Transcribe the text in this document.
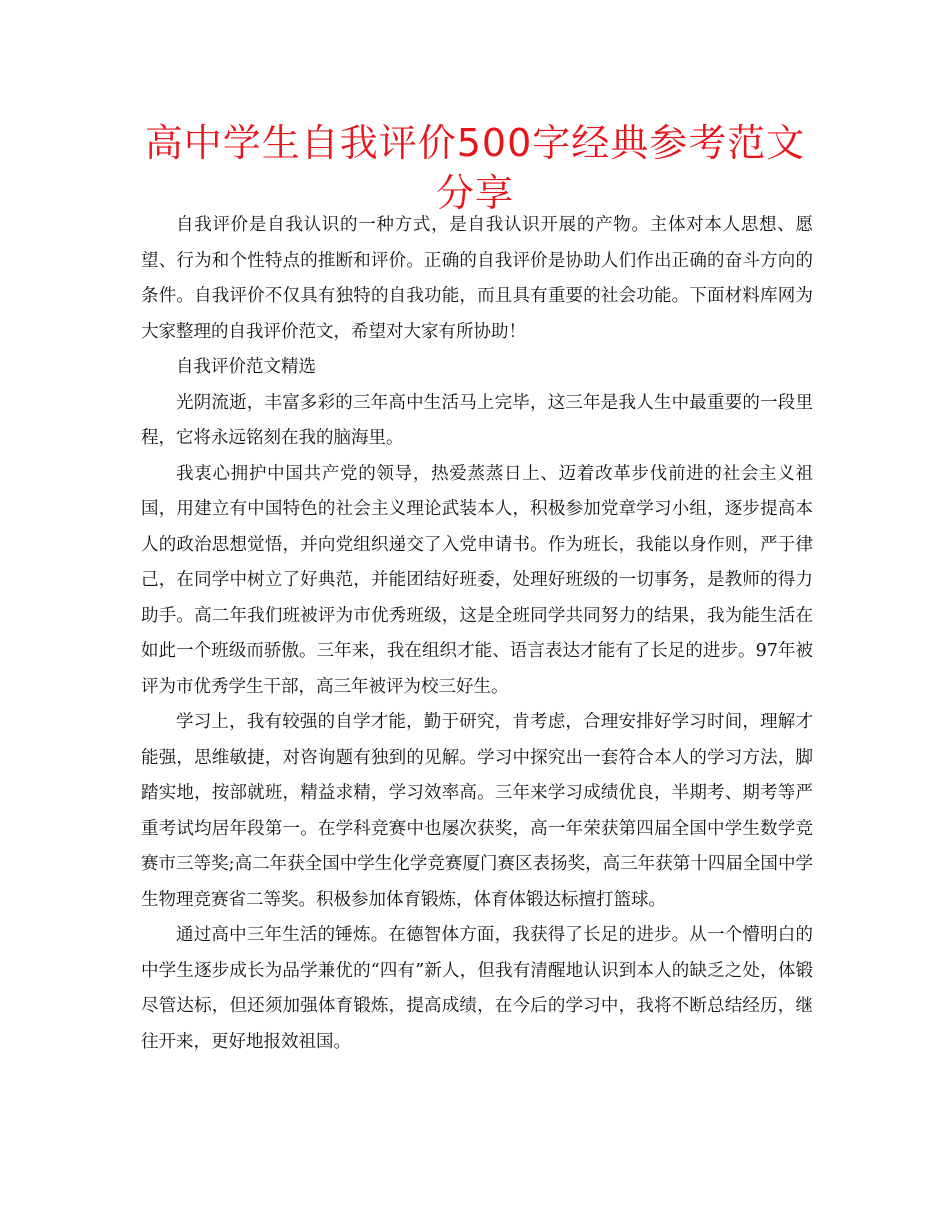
高中学生自我评价500字经典参考范文分享

自我评价是自我认识的一种方式，是自我认识开展的产物。主体对本人思想、愿望、行为和个性特点的推断和评价。正确的自我评价是协助人们作出正确的奋斗方向的条件。自我评价不仅具有独特的自我功能，而且具有重要的社会功能。下面材料库网为大家整理的自我评价范文，希望对大家有所协助！

自我评价范文精选

光阴流逝，丰富多彩的三年高中生活马上完毕，这三年是我人生中最重要的一段里程，它将永远铭刻在我的脑海里。

我衷心拥护中国共产党的领导，热爱蒸蒸日上、迈着改革步伐前进的社会主义祖国，用建立有中国特色的社会主义理论武装本人，积极参加党章学习小组，逐步提高本人的政治思想觉悟，并向党组织递交了入党申请书。作为班长，我能以身作则，严于律己，在同学中树立了好典范，并能团结好班委，处理好班级的一切事务，是教师的得力助手。高二年我们班被评为市优秀班级，这是全班同学共同努力的结果，我为能生活在如此一个班级而骄傲。三年来，我在组织才能、语言表达才能有了长足的进步。97年被评为市优秀学生干部，高三年被评为校三好生。

学习上，我有较强的自学才能，勤于研究，肯考虑，合理安排好学习时间，理解才能强，思维敏捷，对咨询题有独到的见解。学习中探究出一套符合本人的学习方法，脚踏实地，按部就班，精益求精，学习效率高。三年来学习成绩优良，半期考、期考等严重考试均居年段第一。在学科竞赛中也屡次获奖，高一年荣获第四届全国中学生数学竞赛市三等奖;高二年获全国中学生化学竞赛厦门赛区表扬奖，高三年获第十四届全国中学生物理竞赛省二等奖。积极参加体育锻炼，体育体锻达标擅打篮球。

通过高中三年生活的锤炼。在德智体方面，我获得了长足的进步。从一个懵明白的中学生逐步成长为品学兼优的“四有”新人，但我有清醒地认识到本人的缺乏之处，体锻尽管达标，但还须加强体育锻炼，提高成绩，在今后的学习中，我将不断总结经历，继往开来，更好地报效祖国。
